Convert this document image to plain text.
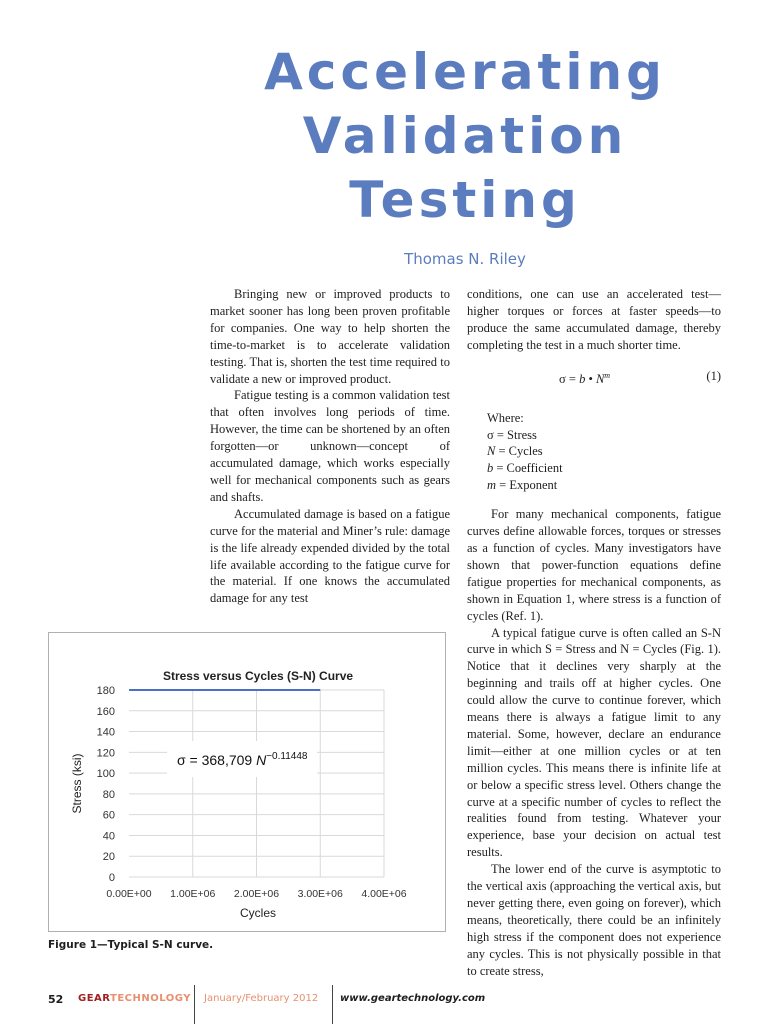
Accelerating
Validation
Testing
Thomas N. Riley

Bringing new or improved products to market sooner has long been proven profitable for companies. One way to help shorten the time-to-market is to accelerate validation testing. That is, shorten the test time required to validate a new or improved product.

Fatigue testing is a common validation test that often involves long periods of time. However, the time can be shortened by an often forgotten—or unknown—concept of accumulated damage, which works especially well for mechanical components such as gears and shafts.

Accumulated damage is based on a fatigue curve for the material and Miner’s rule: damage is the life already expended divided by the total life available according to the fatigue curve for the material. If one knows the accumulated damage for any test

conditions, one can use an accelerated test—higher torques or forces at faster speeds—to produce the same accumulated damage, thereby completing the test in a much shorter time.

σ = b • $N^m$	(1)
Where:
σ = Stress
N = Cycles
b = Coefficient
m = Exponent

For many mechanical components, fatigue curves define allowable forces, torques or stresses as a function of cycles. Many investigators have shown that power-function equations define fatigue properties for mechanical components, as shown in Equation 1, where stress is a function of cycles (Ref. 1).

A typical fatigue curve is often called an S-N curve in which S = Stress and N = Cycles (Fig. 1). Notice that it declines very sharply at the beginning and trails off at higher cycles. One could allow the curve to continue forever, which means there is always a fatigue limit to any material. Some, however, declare an endurance limit—either at one million cycles or at ten million cycles. This means there is infinite life at or below a specific stress level. Others change the curve at a specific number of cycles to reflect the realities found from testing. Whatever your experience, base your decision on actual test results.

The lower end of the curve is asymptotic to the vertical axis (approaching the vertical axis, but never getting there, even going on forever), which means, theoretically, there could be an infinitely high stress if the component does not experience any cycles. This is not physically possible in that to create stress,

0.00E+00 1.00E+06 2.00E+06 3.00E+06 4.00E+06
0
20
40
60
80
100
120
140
160
180
Stress versus Cycles (S-N) Curve
Cycles
Stress (ksi)	σ = 368,709 $N^{-0.11448}$
Figure 1—Typical S-N curve.
52 GEARTECHNOLOGY January/February 2012 www.geartechnology.com
